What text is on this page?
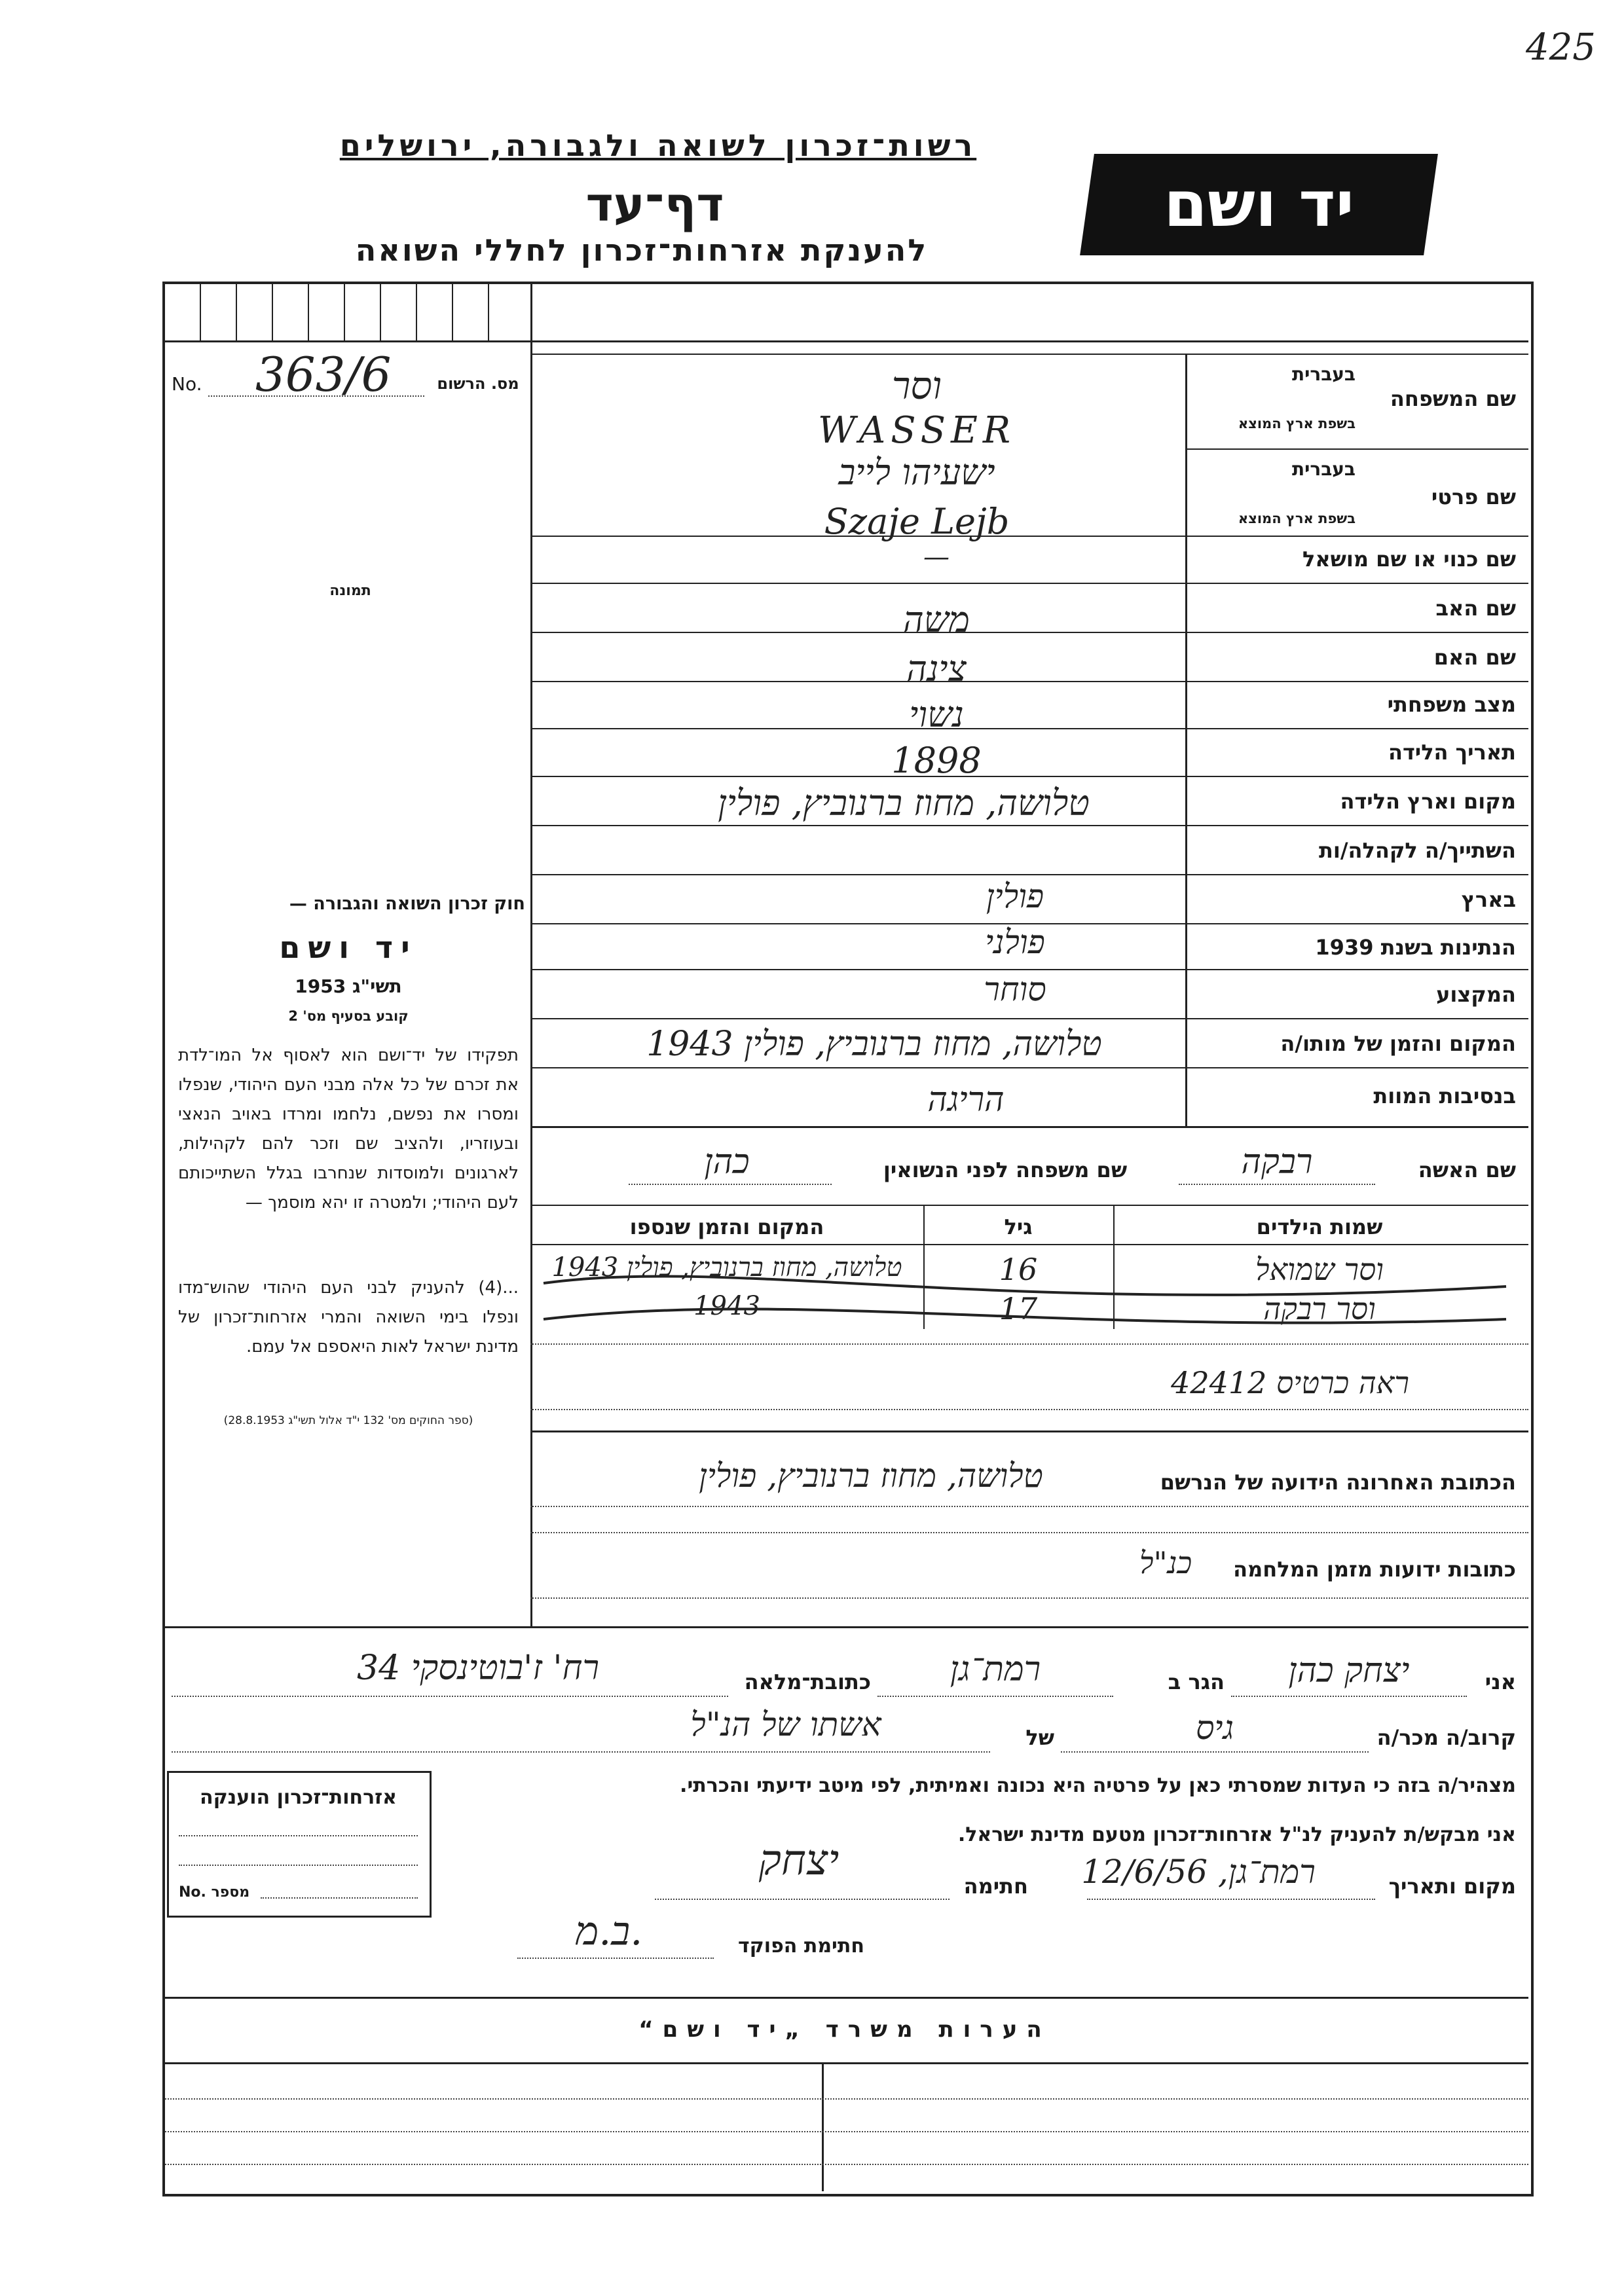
425
רשות־זכרון לשואה ולגבורה, ירושלים
דף־עד
להענקת אזרחות־זכרון לחללי השואה
יד ושם
No. 363/6	מס. הרשום
תמונה
שם המשפחה
בעברית
בשפת ארץ המוצא
שם פרטי
בעברית
בשפת ארץ המוצא
שם כנוי או שם מושאל
שם האב
שם האם
מצב משפחתי
תאריך הלידה
מקום וארץ הלידה
השתייך/ה לקהלה/ות
בארץ
הנתינות בשנת 1939
המקצוע
המקום והזמן של מותו/ה
בנסיבות המוות
וסר
WASSER
ישעיהו לייב
Szaje Lejb
—
משה
צינה
נשוי
1898
טלושה, מחוז ברנוביץ, פולין
פולין
פולני
סוחר
טלושה, מחוז ברנוביץ, פולין 1943
הריגה
שם האשה
רבקה
שם משפחה לפני הנשואין
כהן
שמות הילדים
גיל
המקום והזמן שנספו
וסר שמואל
16
טלושה, מחוז ברנוביץ, פולין 1943
וסר רבקה
17
1943
ראה כרטיס 42412
הכתובת האחרונה הידועה של הנרשם
טלושה, מחוז ברנוביץ, פולין
כתובות ידועות מזמן המלחמה
כנ"ל
חוק זכרון השואה והגבורה —
יד ושם
תשי"ג 1953
קובע בסעיף מס' 2
תפקידו של יד־ושם הוא לאסוף אל המו־לדת את זכרם של כל אלה מבני העם היהודי, שנפלו ומסרו את נפשם, נלחמו ומרדו באויב הנאצי ובעוזריו, ולהציב שם וזכר להם לקהילות, לארגונים ולמוסדות שנחרבו בגלל השתייכותם לעם היהודי; ולמטרה זו יהא מוסמך —
...(4) להעניק לבני העם היהודי שהוש־מדו ונפלו בימי השואה והמרי אזרחות־זכרון של מדינת ישראל לאות היאספם אל עמם.
(ספר החוקים מס' 132 י"ד אלול תשי"ג 28.8.1953)
אני
יצחק כהן
הגר ב
רמת־גן
כתובת־מלאה
רח' ז'בוטינסקי 34
קרוב/ה מכר/ה
גיס
של
אשתו של הנ"ל
מצהיר/ה בזה כי העדות שמסרתי כאן על פרטיה היא נכונה ואמיתית, לפי מיטב ידיעתי והכרתי.
אני מבקש/ת להעניק לנ"ל אזרחות־זכרון מטעם מדינת ישראל.
מקום ותאריך
רמת־גן, 12/6/56
חתימה
יצחק
חתימת הפוקד
ב.מ.
אזרחות־זכרון הוענקה
No. מספר
הערות משרד „יד ושם“
